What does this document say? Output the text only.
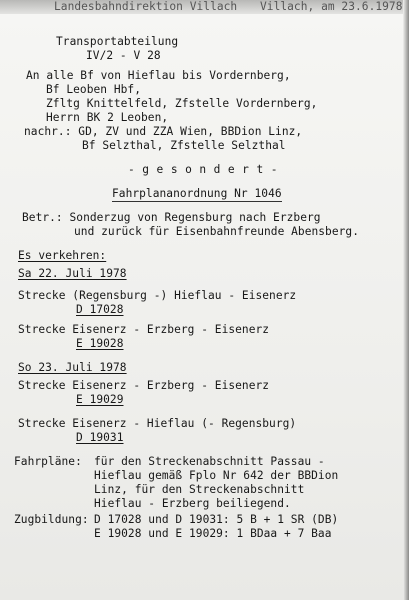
Landesbahndirektion Villach Villach, am 23.6.1978
Transportabteilung
IV/2 - V 28
An alle Bf von Hieflau bis Vordernberg,
Bf Leoben Hbf,
Zfltg Knittelfeld, Zfstelle Vordernberg,
Herrn BK 2 Leoben,
nachr.: GD, ZV und ZZA Wien, BBDion Linz,
Bf Selzthal, Zfstelle Selzthal
- g e s o n d e r t -
Fahrplananordnung Nr 1046
Betr.: Sonderzug von Regensburg nach Erzberg
und zurück für Eisenbahnfreunde Abensberg.
Es verkehren:
Sa 22. Juli 1978
Strecke (Regensburg -) Hieflau - Eisenerz
D 17028
Strecke Eisenerz - Erzberg - Eisenerz
E 19028
So 23. Juli 1978
Strecke Eisenerz - Erzberg - Eisenerz
E 19029
Strecke Eisenerz - Hieflau (- Regensburg)
D 19031
Fahrpläne: für den Streckenabschnitt Passau -
Hieflau gemäß Fplo Nr 642 der BBDion
Linz, für den Streckenabschnitt
Hieflau - Erzberg beiliegend.
Zugbildung: D 17028 und D 19031: 5 B + 1 SR (DB)
E 19028 und E 19029: 1 BDaa + 7 Baa
